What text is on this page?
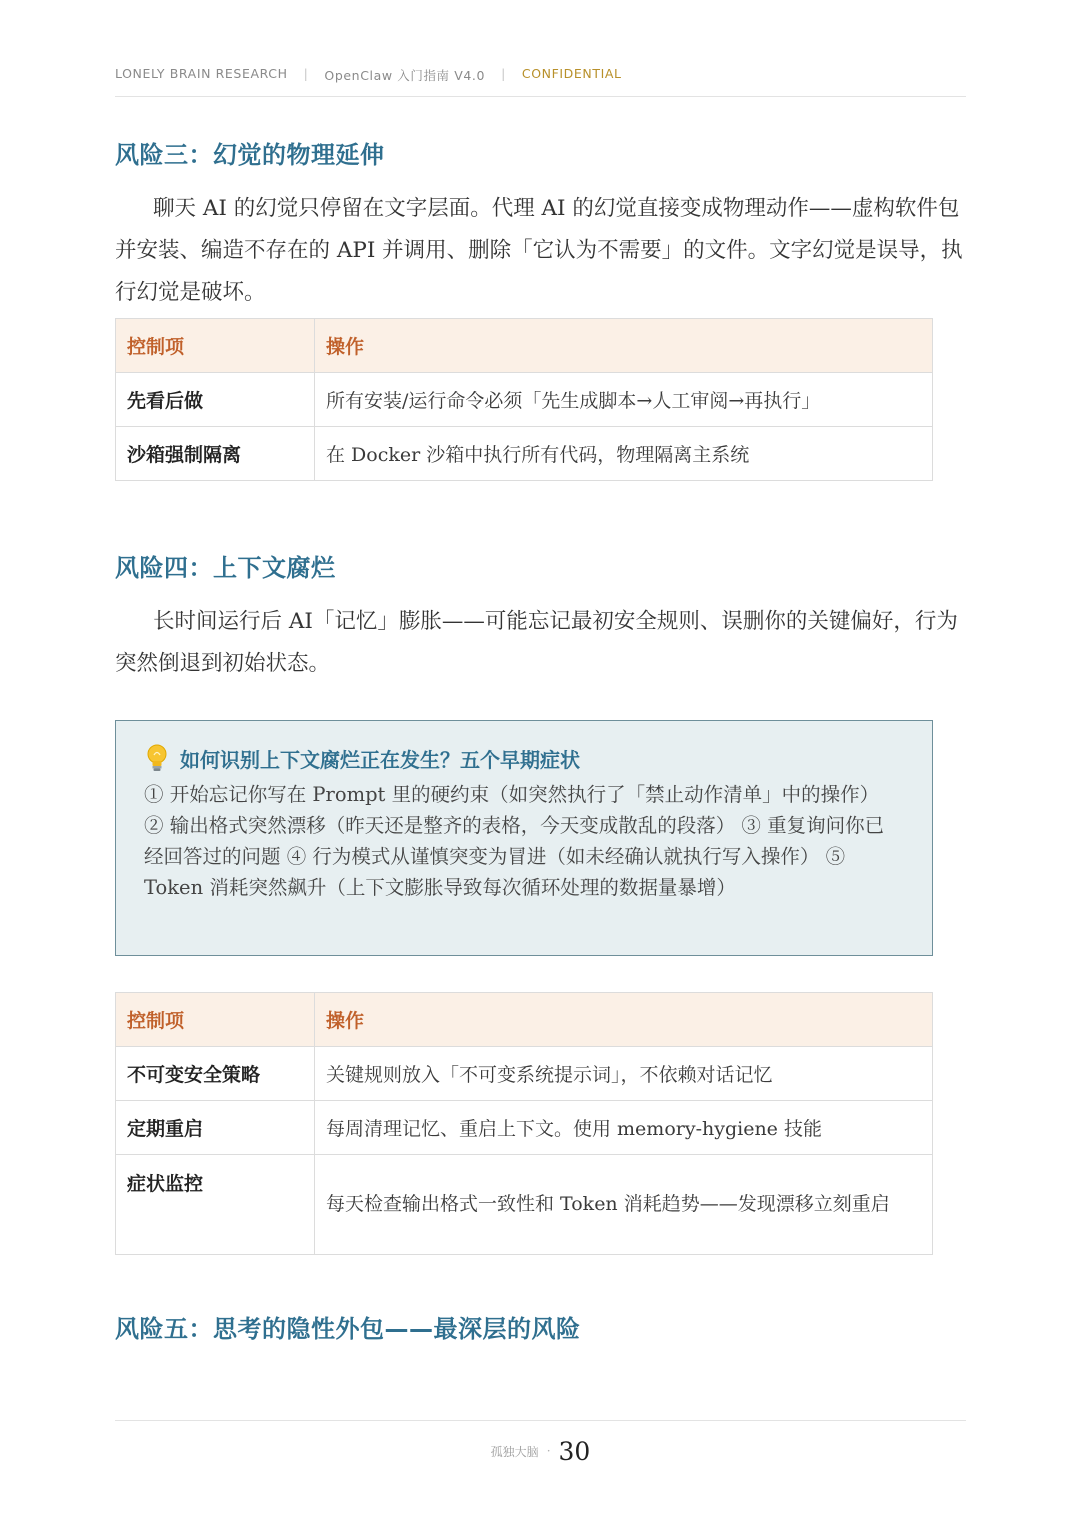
LONELY BRAIN RESEARCH | OpenClaw 入门指南 V4.0 | CONFIDENTIAL
风险三：幻觉的物理延伸

聊天 AI 的幻觉只停留在文字层面。代理 AI 的幻觉直接变成物理动作——虚构软件包并安装、编造不存在的 API 并调用、删除「它认为不需要」的文件。文字幻觉是误导，执行幻觉是破坏。

控制项	操作
先看后做	所有安装/运行命令必须「先生成脚本→人工审阅→再执行」
沙箱强制隔离	在 Docker 沙箱中执行所有代码，物理隔离主系统
风险四：上下文腐烂

长时间运行后 AI「记忆」膨胀——可能忘记最初安全规则、误删你的关键偏好，行为突然倒退到初始状态。

如何识别上下文腐烂正在发生？五个早期症状
① 开始忘记你写在 Prompt 里的硬约束（如突然执行了「禁止动作清单」中的操作） ② 输出格式突然漂移（昨天还是整齐的表格，今天变成散乱的段落） ③ 重复询问你已经回答过的问题 ④ 行为模式从谨慎突变为冒进（如未经确认就执行写入操作） ⑤ Token 消耗突然飙升（上下文膨胀导致每次循环处理的数据量暴增）
控制项	操作
不可变安全策略	关键规则放入「不可变系统提示词」，不依赖对话记忆
定期重启	每周清理记忆、重启上下文。使用 memory-hygiene 技能
症状监控	每天检查输出格式一致性和 Token 消耗趋势——发现漂移立刻重启
风险五：思考的隐性外包——最深层的风险
孤独大脑 · 30
